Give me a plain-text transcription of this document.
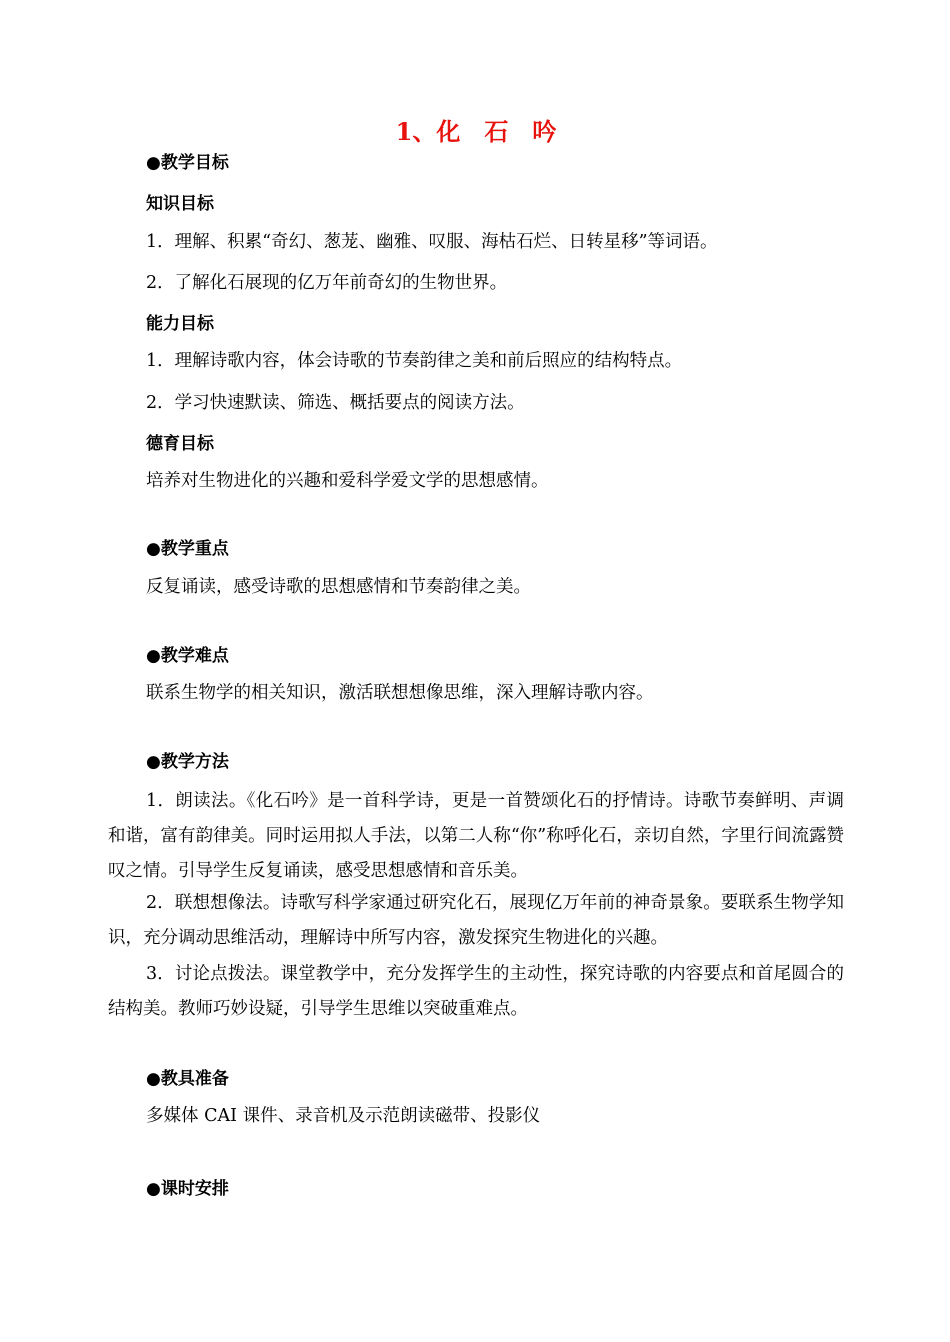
1、化　石　吟
●教学目标
知识目标
1．理解、积累“奇幻、葱茏、幽雅、叹服、海枯石烂、日转星移”等词语。
2．了解化石展现的亿万年前奇幻的生物世界。
能力目标
1．理解诗歌内容，体会诗歌的节奏韵律之美和前后照应的结构特点。
2．学习快速默读、筛选、概括要点的阅读方法。
德育目标
培养对生物进化的兴趣和爱科学爱文学的思想感情。
●教学重点
反复诵读，感受诗歌的思想感情和节奏韵律之美。
●教学难点
联系生物学的相关知识，激活联想想像思维，深入理解诗歌内容。
●教学方法
1．朗读法。《化石吟》是一首科学诗，更是一首赞颂化石的抒情诗。诗歌节奏鲜明、声调和谐，富有韵律美。同时运用拟人手法，以第二人称“你”称呼化石，亲切自然，字里行间流露赞叹之情。引导学生反复诵读，感受思想感情和音乐美。
2．联想想像法。诗歌写科学家通过研究化石，展现亿万年前的神奇景象。要联系生物学知识，充分调动思维活动，理解诗中所写内容，激发探究生物进化的兴趣。
3．讨论点拨法。课堂教学中，充分发挥学生的主动性，探究诗歌的内容要点和首尾圆合的结构美。教师巧妙设疑，引导学生思维以突破重难点。
●教具准备
多媒体 CAI 课件、录音机及示范朗读磁带、投影仪
●课时安排
